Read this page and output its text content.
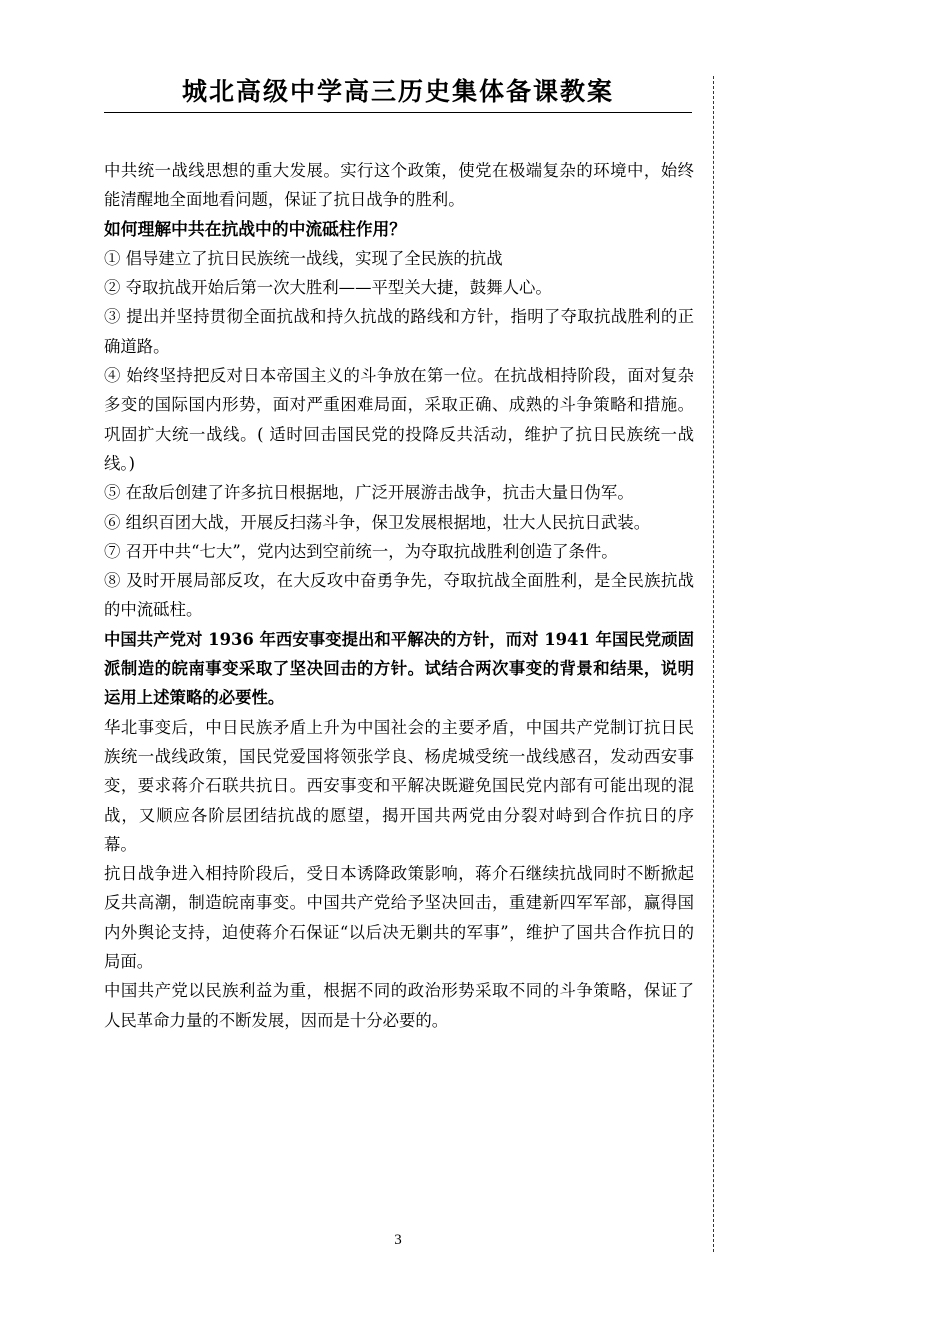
城北高级中学高三历史集体备课教案

中共统一战线思想的重大发展。实行这个政策，使党在极端复杂的环境中，始终能清醒地全面地看问题，保证了抗日战争的胜利。

如何理解中共在抗战中的中流砥柱作用？

① 倡导建立了抗日民族统一战线，实现了全民族的抗战

② 夺取抗战开始后第一次大胜利——平型关大捷，鼓舞人心。

③ 提出并坚持贯彻全面抗战和持久抗战的路线和方针，指明了夺取抗战胜利的正确道路。

④ 始终坚持把反对日本帝国主义的斗争放在第一位。在抗战相持阶段，面对复杂多变的国际国内形势，面对严重困难局面，采取正确、成熟的斗争策略和措施。巩固扩大统一战线。( 适时回击国民党的投降反共活动，维护了抗日民族统一战线。)

⑤ 在敌后创建了许多抗日根据地，广泛开展游击战争，抗击大量日伪军。

⑥ 组织百团大战，开展反扫荡斗争，保卫发展根据地，壮大人民抗日武装。

⑦ 召开中共“七大”，党内达到空前统一，为夺取抗战胜利创造了条件。

⑧ 及时开展局部反攻，在大反攻中奋勇争先，夺取抗战全面胜利，是全民族抗战的中流砥柱。

中国共产党对 1936 年西安事变提出和平解决的方针，而对 1941 年国民党顽固派制造的皖南事变采取了坚决回击的方针。试结合两次事变的背景和结果，说明运用上述策略的必要性。

华北事变后，中日民族矛盾上升为中国社会的主要矛盾，中国共产党制订抗日民族统一战线政策，国民党爱国将领张学良、杨虎城受统一战线感召，发动西安事变，要求蒋介石联共抗日。西安事变和平解决既避免国民党内部有可能出现的混战，又顺应各阶层团结抗战的愿望，揭开国共两党由分裂对峙到合作抗日的序幕。

抗日战争进入相持阶段后，受日本诱降政策影响，蒋介石继续抗战同时不断掀起反共高潮，制造皖南事变。中国共产党给予坚决回击，重建新四军军部，赢得国内外舆论支持，迫使蒋介石保证“以后决无剿共的军事”，维护了国共合作抗日的局面。

中国共产党以民族利益为重，根据不同的政治形势采取不同的斗争策略，保证了人民革命力量的不断发展，因而是十分必要的。

3
